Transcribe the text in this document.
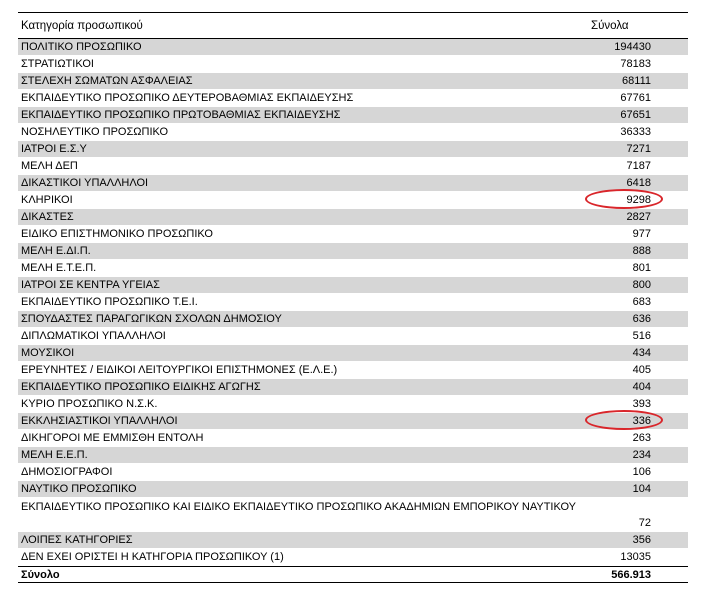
Κατηγορία προσωπικού	Σύνολα
ΠΟΛΙΤΙΚΟ ΠΡΟΣΩΠΙΚΟ	194430
ΣΤΡΑΤΙΩΤΙΚΟΙ	78183
ΣΤΕΛΕΧΗ ΣΩΜΑΤΩΝ ΑΣΦΑΛΕΙΑΣ	68111
ΕΚΠΑΙΔΕΥΤΙΚΟ ΠΡΟΣΩΠΙΚΟ ΔΕΥΤΕΡΟΒΑΘΜΙΑΣ ΕΚΠΑΙΔΕΥΣΗΣ	67761
ΕΚΠΑΙΔΕΥΤΙΚΟ ΠΡΟΣΩΠΙΚΟ ΠΡΩΤΟΒΑΘΜΙΑΣ ΕΚΠΑΙΔΕΥΣΗΣ	67651
ΝΟΣΗΛΕΥΤΙΚΟ ΠΡΟΣΩΠΙΚΟ	36333
ΙΑΤΡΟΙ Ε.Σ.Υ	7271
ΜΕΛΗ ΔΕΠ	7187
ΔΙΚΑΣΤΙΚΟΙ ΥΠΑΛΛΗΛΟΙ	6418
ΚΛΗΡΙΚΟΙ	9298
ΔΙΚΑΣΤΕΣ	2827
ΕΙΔΙΚΟ ΕΠΙΣΤΗΜΟΝΙΚΟ ΠΡΟΣΩΠΙΚΟ	977
ΜΕΛΗ Ε.ΔΙ.Π.	888
ΜΕΛΗ Ε.Τ.Ε.Π.	801
ΙΑΤΡΟΙ ΣΕ ΚΕΝΤΡΑ ΥΓΕΙΑΣ	800
ΕΚΠΑΙΔΕΥΤΙΚΟ ΠΡΟΣΩΠΙΚΟ Τ.Ε.Ι.	683
ΣΠΟΥΔΑΣΤΕΣ ΠΑΡΑΓΩΓΙΚΩΝ ΣΧΟΛΩΝ ΔΗΜΟΣΙΟΥ	636
ΔΙΠΛΩΜΑΤΙΚΟΙ ΥΠΑΛΛΗΛΟΙ	516
ΜΟΥΣΙΚΟΙ	434
ΕΡΕΥΝΗΤΕΣ / ΕΙΔΙΚΟΙ ΛΕΙΤΟΥΡΓΙΚΟΙ ΕΠΙΣΤΗΜΟΝΕΣ (Ε.Λ.Ε.)	405
ΕΚΠΑΙΔΕΥΤΙΚΟ ΠΡΟΣΩΠΙΚΟ ΕΙΔΙΚΗΣ ΑΓΩΓΗΣ	404
ΚΥΡΙΟ ΠΡΟΣΩΠΙΚΟ Ν.Σ.Κ.	393
ΕΚΚΛΗΣΙΑΣΤΙΚΟΙ ΥΠΑΛΛΗΛΟΙ	336
ΔΙΚΗΓΟΡΟΙ ΜΕ ΕΜΜΙΣΘΗ ΕΝΤΟΛΗ	263
ΜΕΛΗ Ε.Ε.Π.	234
ΔΗΜΟΣΙΟΓΡΑΦΟΙ	106
ΝΑΥΤΙΚΟ ΠΡΟΣΩΠΙΚΟ	104
ΕΚΠΑΙΔΕΥΤΙΚΟ ΠΡΟΣΩΠΙΚΟ ΚΑΙ ΕΙΔΙΚΟ ΕΚΠΑΙΔΕΥΤΙΚΟ ΠΡΟΣΩΠΙΚΟ ΑΚΑΔΗΜΙΩΝ ΕΜΠΟΡΙΚΟΥ ΝΑΥΤΙΚΟΥ
72
ΛΟΙΠΕΣ ΚΑΤΗΓΟΡΙΕΣ	356
ΔΕΝ ΕΧΕΙ ΟΡΙΣΤΕΙ Η ΚΑΤΗΓΟΡΙΑ ΠΡΟΣΩΠΙΚΟΥ (1)	13035
Σύνολο	566.913
